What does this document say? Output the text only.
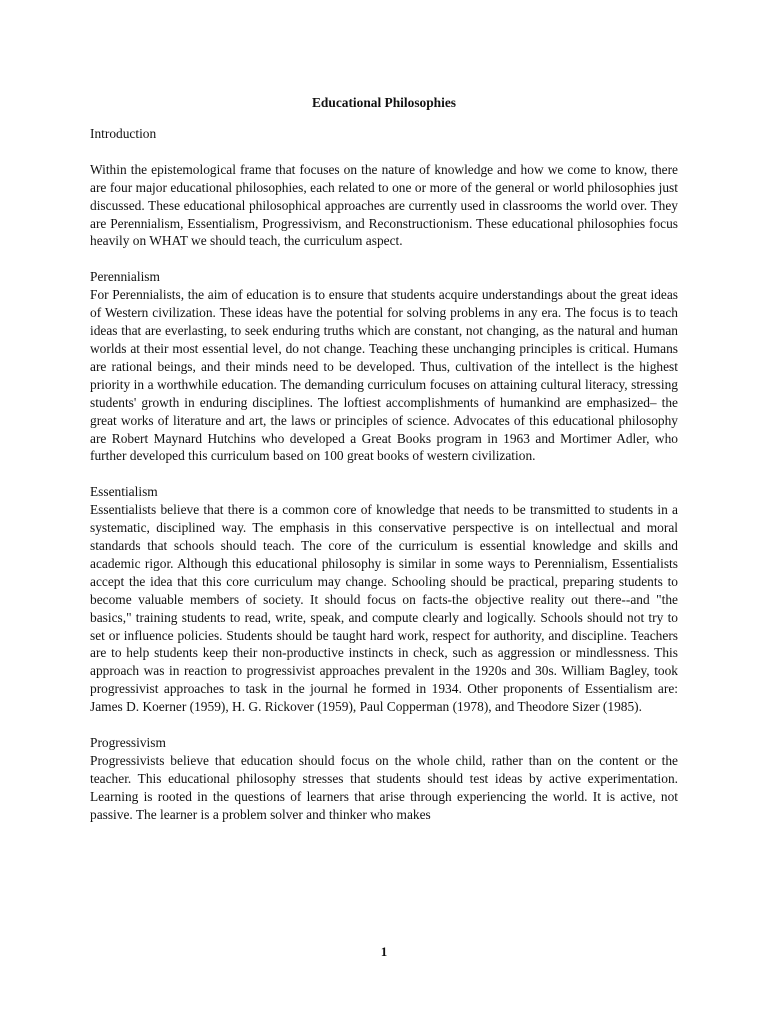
Educational Philosophies
Introduction

Within the epistemological frame that focuses on the nature of knowledge and how we come to know, there are four major educational philosophies, each related to one or more of the general or world philosophies just discussed. These educational philosophical approaches are currently used in classrooms the world over. They are Perennialism, Essentialism, Progressivism, and Reconstructionism. These educational philosophies focus heavily on WHAT we should teach, the curriculum aspect.

Perennialism

For Perennialists, the aim of education is to ensure that students acquire understandings about the great ideas of Western civilization. These ideas have the potential for solving problems in any era. The focus is to teach ideas that are everlasting, to seek enduring truths which are constant, not changing, as the natural and human worlds at their most essential level, do not change. Teaching these unchanging principles is critical. Humans are rational beings, and their minds need to be developed. Thus, cultivation of the intellect is the highest priority in a worthwhile education. The demanding curriculum focuses on attaining cultural literacy, stressing students' growth in enduring disciplines. The loftiest accomplishments of humankind are emphasized– the great works of literature and art, the laws or principles of science. Advocates of this educational philosophy are Robert Maynard Hutchins who developed a Great Books program in 1963 and Mortimer Adler, who further developed this curriculum based on 100 great books of western civilization.

Essentialism

Essentialists believe that there is a common core of knowledge that needs to be transmitted to students in a systematic, disciplined way. The emphasis in this conservative perspective is on intellectual and moral standards that schools should teach. The core of the curriculum is essential knowledge and skills and academic rigor. Although this educational philosophy is similar in some ways to Perennialism, Essentialists accept the idea that this core curriculum may change. Schooling should be practical, preparing students to become valuable members of society. It should focus on facts-the objective reality out there--and "the basics," training students to read, write, speak, and compute clearly and logically. Schools should not try to set or influence policies. Students should be taught hard work, respect for authority, and discipline. Teachers are to help students keep their non-productive instincts in check, such as aggression or mindlessness. This approach was in reaction to progressivist approaches prevalent in the 1920s and 30s. William Bagley, took progressivist approaches to task in the journal he formed in 1934. Other proponents of Essentialism are: James D. Koerner (1959), H. G. Rickover (1959), Paul Copperman (1978), and Theodore Sizer (1985).

Progressivism

Progressivists believe that education should focus on the whole child, rather than on the content or the teacher. This educational philosophy stresses that students should test ideas by active experimentation. Learning is rooted in the questions of learners that arise through experiencing the world. It is active, not passive. The learner is a problem solver and thinker who makes

1
